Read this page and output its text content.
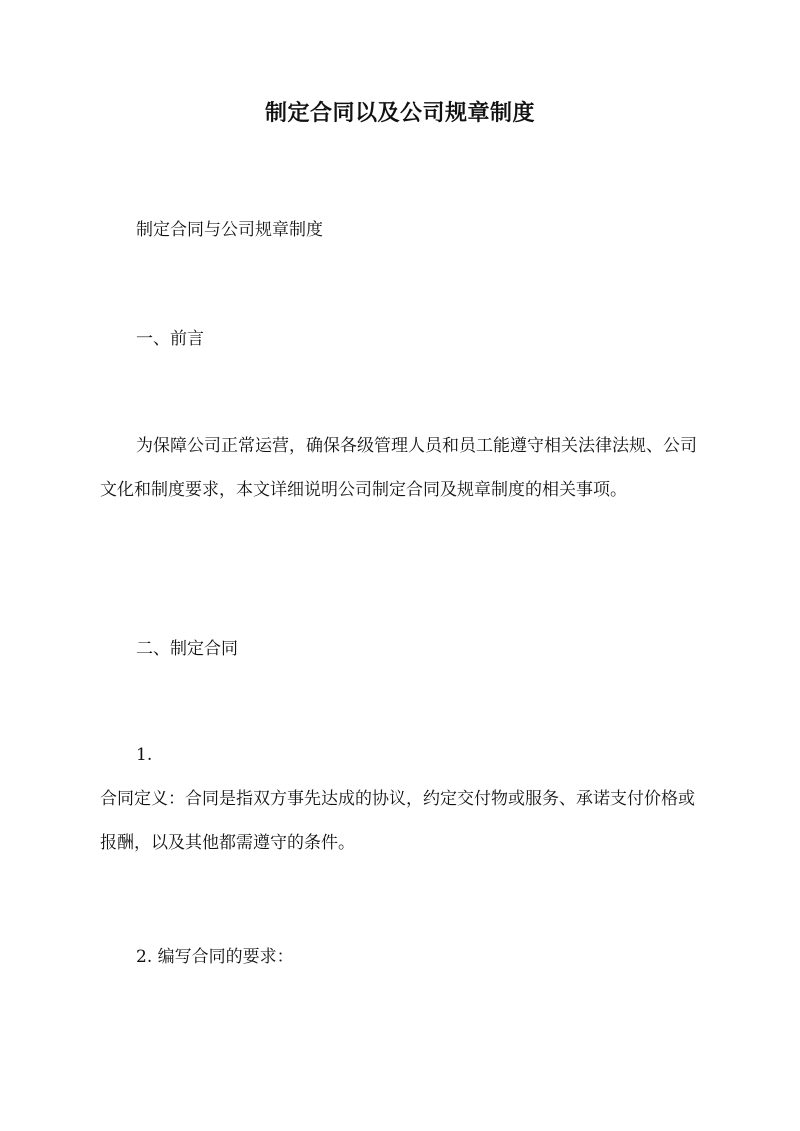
制定合同以及公司规章制度

制定合同与公司规章制度

一、前言

为保障公司正常运营，确保各级管理人员和员工能遵守相关法律法规、公司文化和制度要求，本文详细说明公司制定合同及规章制度的相关事项。

二、制定合同

1.

合同定义：合同是指双方事先达成的协议，约定交付物或服务、承诺支付价格或报酬，以及其他都需遵守的条件。

2. 编写合同的要求：
